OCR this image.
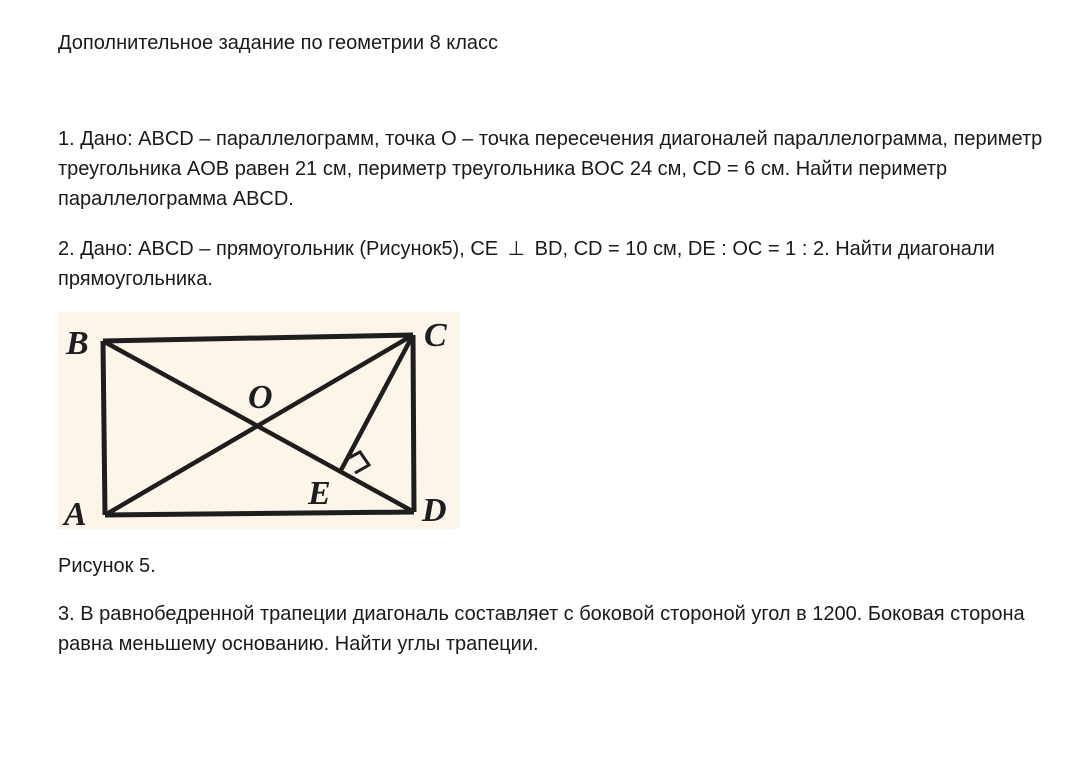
Дополнительное задание по геометрии 8 класс
1. Дано: ABCD – параллелограмм, точка O – точка пересечения диагоналей параллелограмма, периметр треугольника AOB равен 21 см, периметр треугольника BOC 24 см, CD = 6 см. Найти периметр параллелограмма ABCD.
2. Дано: ABCD – прямоугольник (Рисунок5), CE ⊥ BD, CD = 10 см, DE : OC = 1 : 2. Найти диагонали прямоугольника.
B	C
O
E
A	D
Рисунок 5.
3. В равнобедренной трапеции диагональ составляет с боковой стороной угол в 1200. Боковая сторона равна меньшему основанию. Найти углы трапеции.
